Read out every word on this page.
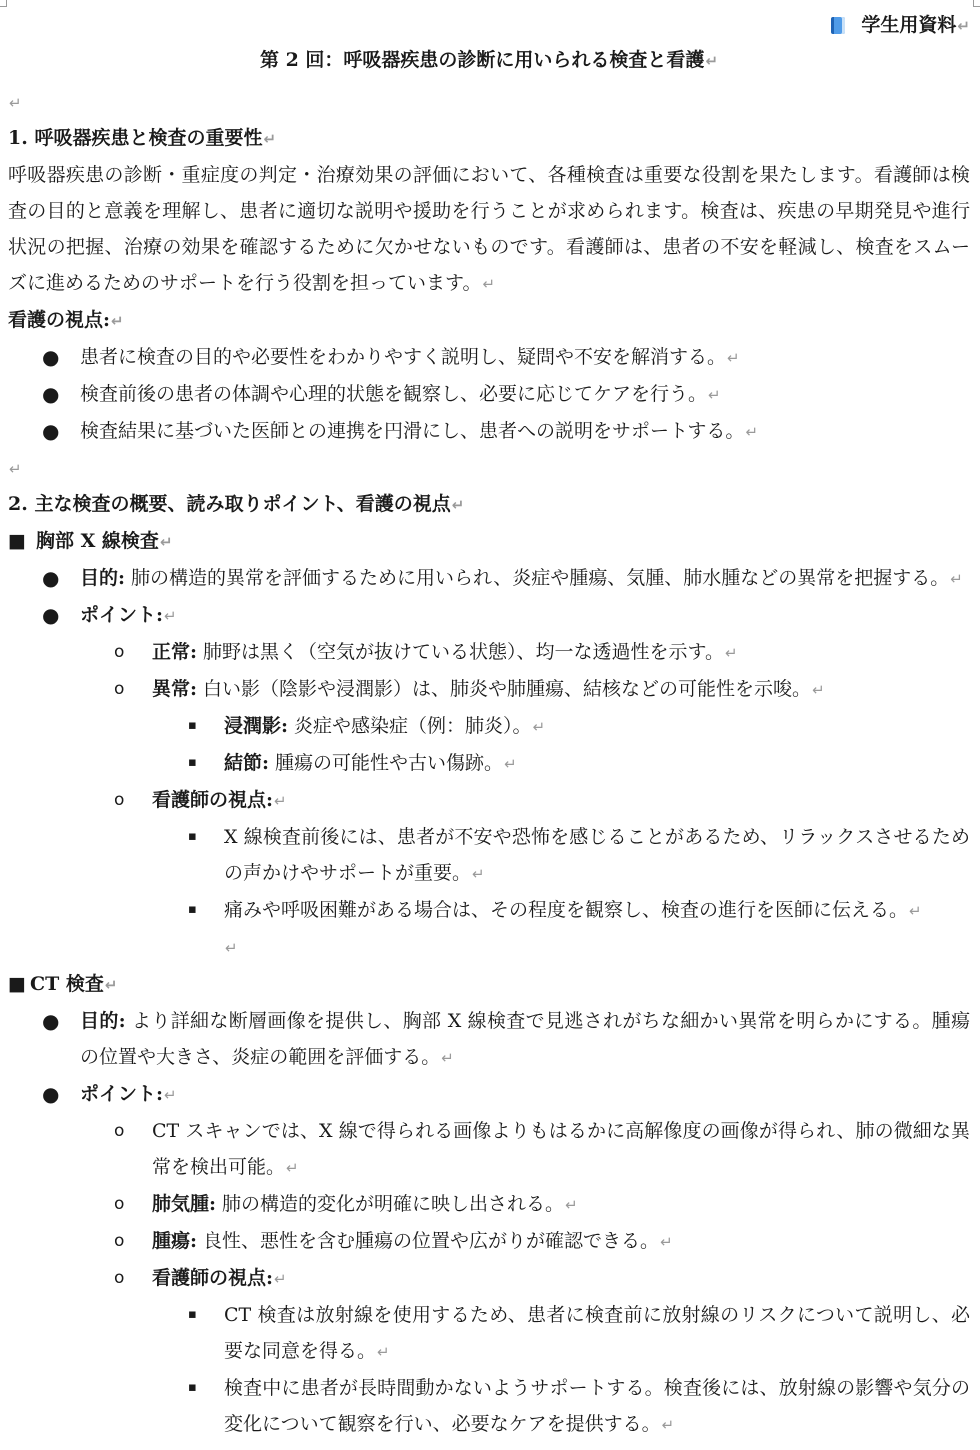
学生用資料↵
第 2 回：呼吸器疾患の診断に用いられる検査と看護↵
↵
1. 呼吸器疾患と検査の重要性↵
呼吸器疾患の診断・重症度の判定・治療効果の評価において、各種検査は重要な役割を果たします。看護師は検査の目的と意義を理解し、患者に適切な説明や援助を行うことが求められます。検査は、疾患の早期発見や進行状況の把握、治療の効果を確認するために欠かせないものです。看護師は、患者の不安を軽減し、検査をスムーズに進めるためのサポートを行う役割を担っています。↵
看護の視点:↵
● 患者に検査の目的や必要性をわかりやすく説明し、疑問や不安を解消する。↵
● 検査前後の患者の体調や心理的状態を観察し、必要に応じてケアを行う。↵
● 検査結果に基づいた医師との連携を円滑にし、患者への説明をサポートする。↵
↵
2. 主な検査の概要、読み取りポイント、看護の視点↵
■ 胸部 X 線検査↵
● 目的: 肺の構造的異常を評価するために用いられ、炎症や腫瘍、気腫、肺水腫などの異常を把握する。↵
● ポイント:↵
o 正常: 肺野は黒く（空気が抜けている状態）、均一な透過性を示す。↵
o 異常: 白い影（陰影や浸潤影）は、肺炎や肺腫瘍、結核などの可能性を示唆。↵
▪ 浸潤影: 炎症や感染症（例：肺炎）。↵
▪ 結節: 腫瘍の可能性や古い傷跡。↵
o 看護師の視点:↵
▪ X 線検査前後には、患者が不安や恐怖を感じることがあるため、リラックスさせるための声かけやサポートが重要。↵
▪ 痛みや呼吸困難がある場合は、その程度を観察し、検査の進行を医師に伝える。↵
↵
■ CT 検査↵
● 目的: より詳細な断層画像を提供し、胸部 X 線検査で見逃されがちな細かい異常を明らかにする。腫瘍の位置や大きさ、炎症の範囲を評価する。↵
● ポイント:↵
o CT スキャンでは、X 線で得られる画像よりもはるかに高解像度の画像が得られ、肺の微細な異常を検出可能。↵
o 肺気腫: 肺の構造的変化が明確に映し出される。↵
o 腫瘍: 良性、悪性を含む腫瘍の位置や広がりが確認できる。↵
o 看護師の視点:↵
▪ CT 検査は放射線を使用するため、患者に検査前に放射線のリスクについて説明し、必要な同意を得る。↵
▪ 検査中に患者が長時間動かないようサポートする。検査後には、放射線の影響や気分の変化について観察を行い、必要なケアを提供する。↵
